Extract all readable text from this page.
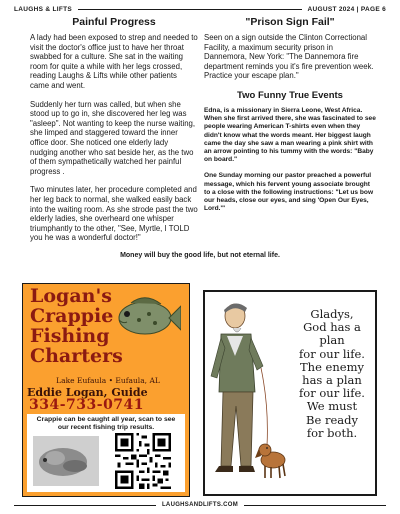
LAUGHS & LIFTS	AUGUST 2024 | PAGE 6
Painful Progress

A lady had been exposed to strep and needed to visit the doctor's office just to have her throat swabbed for a culture. She sat in the waiting room for quite a while with her legs crossed, reading Laughs & Lifts while other patients came and went.

Suddenly her turn was called, but when she stood up to go in, she discovered her leg was "asleep". Not wanting to keep the nurse waiting, she limped and staggered toward the inner office door. She noticed one elderly lady nudging another who sat beside her, as the two of them sympathetically watched her painful progress .

Two minutes later, her procedure completed and her leg back to normal, she walked easily back into the waiting room. As she strode past the two elderly ladies, she overheard one whisper triumphantly to the other, "See, Myrtle, I TOLD you he was a wonderful doctor!"

"Prison Sign Fail"

Seen on a sign outside the Clinton Correctional Facility, a maximum security prison in Dannemora, New York: "The Dannemora fire department reminds you it's fire prevention week. Practice your escape plan."

Two Funny True Events

Edna, is a missionary in Sierra Leone, West Africa. When she first arrived there, she was fascinated to see people wearing American T-shirts even when they didn't know what the words meant. Her biggest laugh came the day she saw a man wearing a pink shirt with an arrow pointing to his tummy with the words: "Baby on board."

One Sunday morning our pastor preached a powerful message, which his fervent young associate brought to a close with the following instructions: "Let us bow our heads, close our eyes, and sing 'Open Our Eyes, Lord.'"

Money will buy the good life, but not eternal life.
Logan's
Crappie
Fishing
Charters
Lake Eufaula • Eufaula, AL
Eddie Logan, Guide
334-733-0741
Crappie can be caught all year, scan to see our recent fishing trip results.
Gladys,
God has a plan
for our life.
The enemy
has a plan
for our life.
We must
Be ready
for both.
LAUGHSANDLIFTS.COM
